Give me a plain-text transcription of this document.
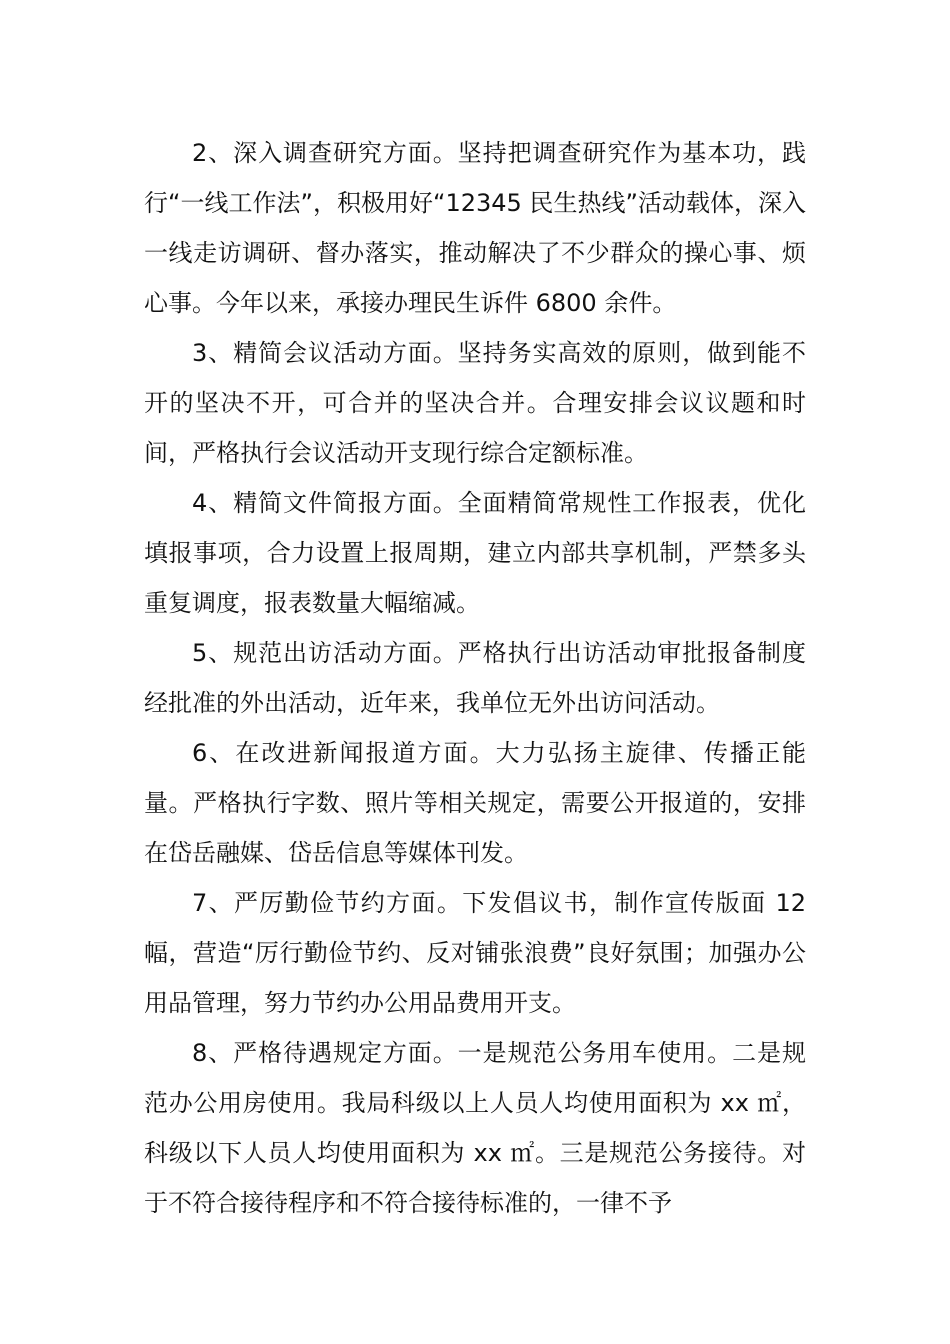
2、深入调查研究方面。坚持把调查研究作为基本功，践行“一线工作法”，积极用好“12345 民生热线”活动载体，深入一线走访调研、督办落实，推动解决了不少群众的操心事、烦心事。今年以来，承接办理民生诉件 6800 余件。

3、精简会议活动方面。坚持务实高效的原则，做到能不开的坚决不开，可合并的坚决合并。合理安排会议议题和时间，严格执行会议活动开支现行综合定额标准。

4、精简文件简报方面。全面精简常规性工作报表，优化填报事项，合力设置上报周期，建立内部共享机制，严禁多头重复调度，报表数量大幅缩减。

5、规范出访活动方面。严格执行出访活动审批报备制度经批准的外出活动，近年来，我单位无外出访问活动。

6、在改进新闻报道方面。大力弘扬主旋律、传播正能量。严格执行字数、照片等相关规定，需要公开报道的，安排在岱岳融媒、岱岳信息等媒体刊发。

7、严厉勤俭节约方面。下发倡议书，制作宣传版面 12 幅，营造“厉行勤俭节约、反对铺张浪费”良好氛围；加强办公用品管理，努力节约办公用品费用开支。

8、严格待遇规定方面。一是规范公务用车使用。二是规范办公用房使用。我局科级以上人员人均使用面积为 xx ㎡，科级以下人员人均使用面积为 xx ㎡。三是规范公务接待。对于不符合接待程序和不符合接待标准的，一律不予
